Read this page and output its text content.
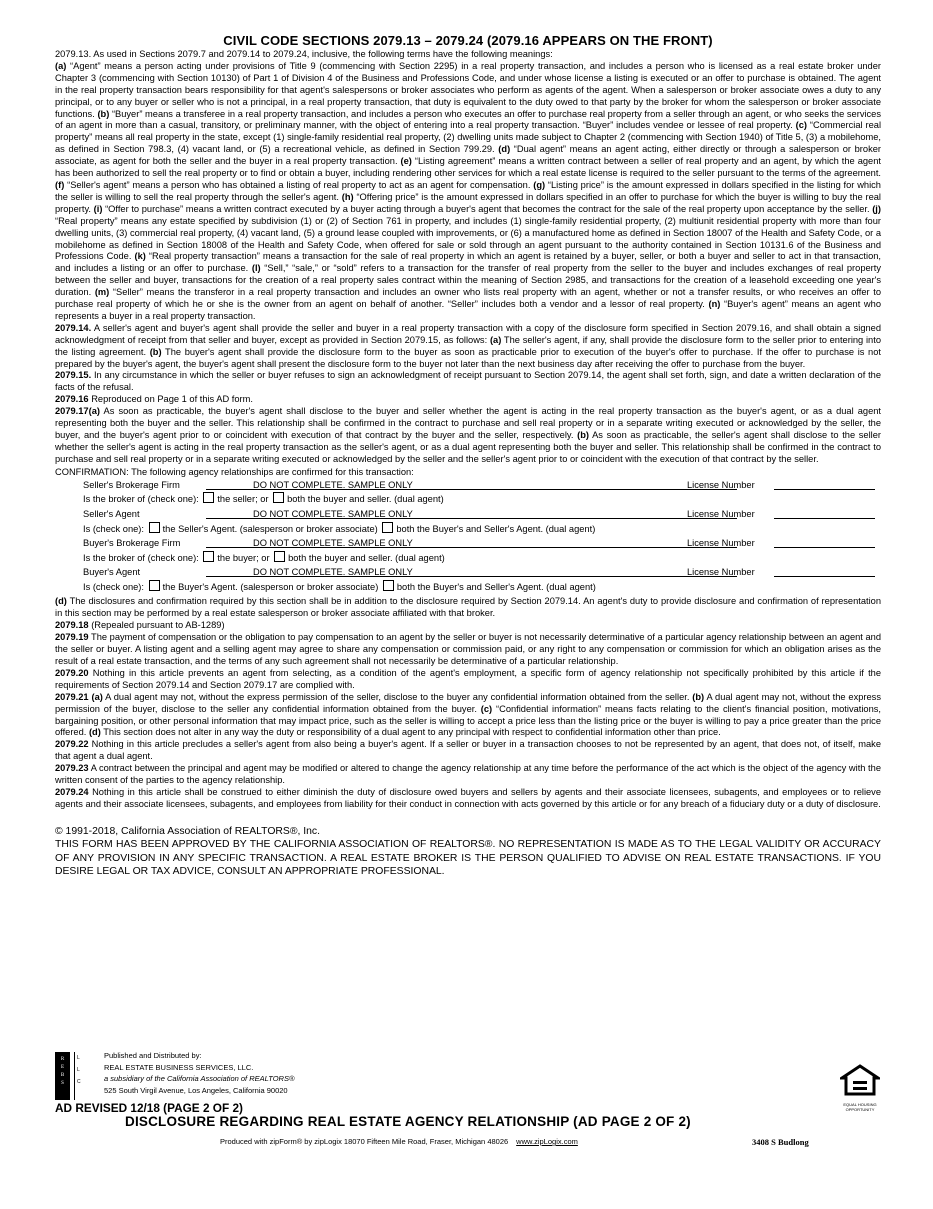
CIVIL CODE SECTIONS 2079.13 – 2079.24 (2079.16 APPEARS ON THE FRONT)

2079.13. As used in Sections 2079.7 and 2079.14 to 2079.24, inclusive, the following terms have the following meanings:
(a) “Agent” means a person acting under provisions of Title 9 (commencing with Section 2295) in a real property transaction, and includes a person who is licensed as a real estate broker under Chapter 3 (commencing with Section 10130) of Part 1 of Division 4 of the Business and Professions Code, and under whose license a listing is executed or an offer to purchase is obtained. The agent in the real property transaction bears responsibility for that agent's salespersons or broker associates who perform as agents of the agent. When a salesperson or broker associate owes a duty to any principal, or to any buyer or seller who is not a principal, in a real property transaction, that duty is equivalent to the duty owed to that party by the broker for whom the salesperson or broker associate functions. (b) “Buyer” means a transferee in a real property transaction, and includes a person who executes an offer to purchase real property from a seller through an agent, or who seeks the services of an agent in more than a casual, transitory, or preliminary manner, with the object of entering into a real property transaction. “Buyer” includes vendee or lessee of real property. (c) “Commercial real property” means all real property in the state, except (1) single-family residential real property, (2) dwelling units made subject to Chapter 2 (commencing with Section 1940) of Title 5, (3) a mobilehome, as defined in Section 798.3, (4) vacant land, or (5) a recreational vehicle, as defined in Section 799.29. (d) “Dual agent” means an agent acting, either directly or through a salesperson or broker associate, as agent for both the seller and the buyer in a real property transaction. (e) “Listing agreement” means a written contract between a seller of real property and an agent, by which the agent has been authorized to sell the real property or to find or obtain a buyer, including rendering other services for which a real estate license is required to the seller pursuant to the terms of the agreement. (f) “Seller's agent” means a person who has obtained a listing of real property to act as an agent for compensation. (g) “Listing price” is the amount expressed in dollars specified in the listing for which the seller is willing to sell the real property through the seller's agent. (h) “Offering price” is the amount expressed in dollars specified in an offer to purchase for which the buyer is willing to buy the real property. (i) “Offer to purchase” means a written contract executed by a buyer acting through a buyer's agent that becomes the contract for the sale of the real property upon acceptance by the seller. (j) “Real property” means any estate specified by subdivision (1) or (2) of Section 761 in property, and includes (1) single-family residential property, (2) multiunit residential property with more than four dwelling units, (3) commercial real property, (4) vacant land, (5) a ground lease coupled with improvements, or (6) a manufactured home as defined in Section 18007 of the Health and Safety Code, or a mobilehome as defined in Section 18008 of the Health and Safety Code, when offered for sale or sold through an agent pursuant to the authority contained in Section 10131.6 of the Business and Professions Code. (k) “Real property transaction” means a transaction for the sale of real property in which an agent is retained by a buyer, seller, or both a buyer and seller to act in that transaction, and includes a listing or an offer to purchase. (l) “Sell,” “sale,” or “sold” refers to a transaction for the transfer of real property from the seller to the buyer and includes exchanges of real property between the seller and buyer, transactions for the creation of a real property sales contract within the meaning of Section 2985, and transactions for the creation of a leasehold exceeding one year's duration. (m) “Seller” means the transferor in a real property transaction and includes an owner who lists real property with an agent, whether or not a transfer results, or who receives an offer to purchase real property of which he or she is the owner from an agent on behalf of another. “Seller” includes both a vendor and a lessor of real property. (n) “Buyer's agent” means an agent who represents a buyer in a real property transaction.

2079.14. A seller's agent and buyer's agent shall provide the seller and buyer in a real property transaction with a copy of the disclosure form specified in Section 2079.16, and shall obtain a signed acknowledgment of receipt from that seller and buyer, except as provided in Section 2079.15, as follows: (a) The seller's agent, if any, shall provide the disclosure form to the seller prior to entering into the listing agreement. (b) The buyer's agent shall provide the disclosure form to the buyer as soon as practicable prior to execution of the buyer's offer to purchase. If the offer to purchase is not prepared by the buyer's agent, the buyer's agent shall present the disclosure form to the buyer not later than the next business day after receiving the offer to purchase from the buyer.

2079.15. In any circumstance in which the seller or buyer refuses to sign an acknowledgment of receipt pursuant to Section 2079.14, the agent shall set forth, sign, and date a written declaration of the facts of the refusal.

2079.16 Reproduced on Page 1 of this AD form.

2079.17(a) As soon as practicable, the buyer's agent shall disclose to the buyer and seller whether the agent is acting in the real property transaction as the buyer's agent, or as a dual agent representing both the buyer and the seller. This relationship shall be confirmed in the contract to purchase and sell real property or in a separate writing executed or acknowledged by the seller, the buyer, and the buyer's agent prior to or coincident with execution of that contract by the buyer and the seller, respectively. (b) As soon as practicable, the seller's agent shall disclose to the seller whether the seller's agent is acting in the real property transaction as the seller's agent, or as a dual agent representing both the buyer and seller. This relationship shall be confirmed in the contract to purchase and sell real property or in a separate writing executed or acknowledged by the seller and the seller's agent prior to or coincident with the execution of that contract by the seller.

CONFIRMATION: The following agency relationships are confirmed for this transaction:
Seller's Brokerage Firm	DO NOT COMPLETE. SAMPLE ONLY	License Number
Is the broker of (check one): the seller; or both the buyer and seller. (dual agent)
Seller's Agent	DO NOT COMPLETE. SAMPLE ONLY	License Number
Is (check one): the Seller's Agent. (salesperson or broker associate) both the Buyer's and Seller's Agent. (dual agent)
Buyer's Brokerage Firm	DO NOT COMPLETE. SAMPLE ONLY	License Number
Is the broker of (check one): the buyer; or both the buyer and seller. (dual agent)
Buyer's Agent	DO NOT COMPLETE. SAMPLE ONLY	License Number
Is (check one): the Buyer's Agent. (salesperson or broker associate) both the Buyer's and Seller's Agent. (dual agent)

(d) The disclosures and confirmation required by this section shall be in addition to the disclosure required by Section 2079.14. An agent's duty to provide disclosure and confirmation of representation in this section may be performed by a real estate salesperson or broker associate affiliated with that broker.

2079.18 (Repealed pursuant to AB-1289)

2079.19 The payment of compensation or the obligation to pay compensation to an agent by the seller or buyer is not necessarily determinative of a particular agency relationship between an agent and the seller or buyer. A listing agent and a selling agent may agree to share any compensation or commission paid, or any right to any compensation or commission for which an obligation arises as the result of a real estate transaction, and the terms of any such agreement shall not necessarily be determinative of a particular relationship.

2079.20 Nothing in this article prevents an agent from selecting, as a condition of the agent's employment, a specific form of agency relationship not specifically prohibited by this article if the requirements of Section 2079.14 and Section 2079.17 are complied with.

2079.21 (a) A dual agent may not, without the express permission of the seller, disclose to the buyer any confidential information obtained from the seller. (b) A dual agent may not, without the express permission of the buyer, disclose to the seller any confidential information obtained from the buyer. (c) “Confidential information” means facts relating to the client's financial position, motivations, bargaining position, or other personal information that may impact price, such as the seller is willing to accept a price less than the listing price or the buyer is willing to pay a price greater than the price offered. (d) This section does not alter in any way the duty or responsibility of a dual agent to any principal with respect to confidential information other than price.

2079.22 Nothing in this article precludes a seller's agent from also being a buyer's agent. If a seller or buyer in a transaction chooses to not be represented by an agent, that does not, of itself, make that agent a dual agent.

2079.23 A contract between the principal and agent may be modified or altered to change the agency relationship at any time before the performance of the act which is the object of the agency with the written consent of the parties to the agency relationship.

2079.24 Nothing in this article shall be construed to either diminish the duty of disclosure owed buyers and sellers by agents and their associate licensees, subagents, and employees or to relieve agents and their associate licensees, subagents, and employees from liability for their conduct in connection with acts governed by this article or for any breach of a fiduciary duty or a duty of disclosure.

© 1991-2018, California Association of REALTORS®, Inc.

THIS FORM HAS BEEN APPROVED BY THE CALIFORNIA ASSOCIATION OF REALTORS®. NO REPRESENTATION IS MADE AS TO THE LEGAL VALIDITY OR ACCURACY OF ANY PROVISION IN ANY SPECIFIC TRANSACTION. A REAL ESTATE BROKER IS THE PERSON QUALIFIED TO ADVISE ON REAL ESTATE TRANSACTIONS. IF YOU DESIRE LEGAL OR TAX ADVICE, CONSULT AN APPROPRIATE PROFESSIONAL.

R
E
B
S
L
L
C
Published and Distributed by:
REAL ESTATE BUSINESS SERVICES, LLC.
a subsidiary of the California Association of REALTORS®
525 South Virgil Avenue, Los Angeles, California 90020
EQUAL HOUSING OPPORTUNITY
AD REVISED 12/18 (PAGE 2 OF 2)
DISCLOSURE REGARDING REAL ESTATE AGENCY RELATIONSHIP (AD PAGE 2 OF 2)
Produced with zipForm® by zipLogix 18070 Fifteen Mile Road, Fraser, Michigan 48026 www.zipLogix.com	3408 S Budlong
